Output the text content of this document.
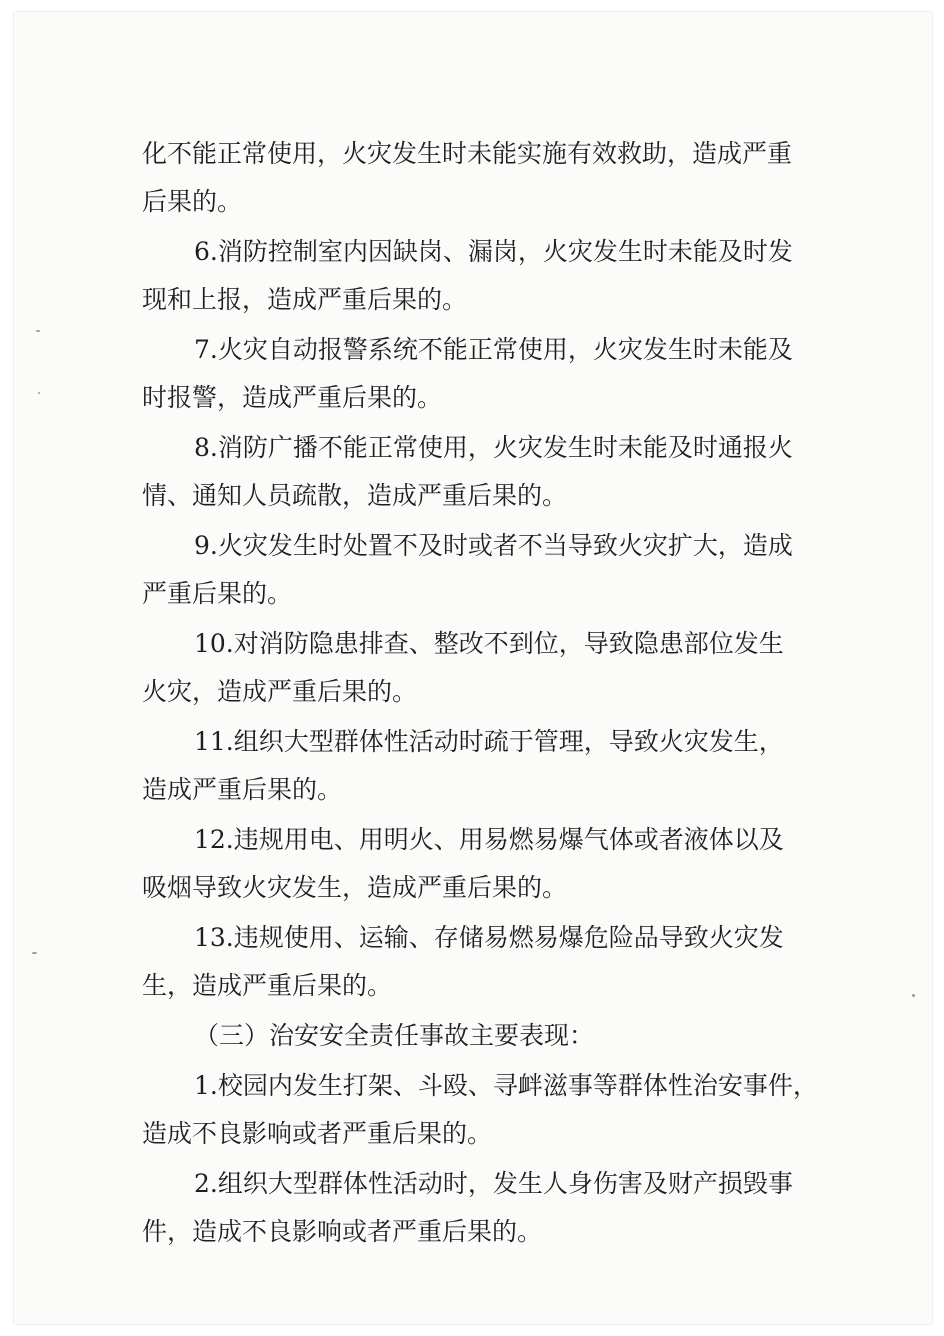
化不能正常使用，火灾发生时未能实施有效救助，造成严重
后果的。
6.消防控制室内因缺岗、漏岗，火灾发生时未能及时发
现和上报，造成严重后果的。
7.火灾自动报警系统不能正常使用，火灾发生时未能及
时报警，造成严重后果的。
8.消防广播不能正常使用，火灾发生时未能及时通报火
情、通知人员疏散，造成严重后果的。
9.火灾发生时处置不及时或者不当导致火灾扩大，造成
严重后果的。
10.对消防隐患排查、整改不到位，导致隐患部位发生
火灾，造成严重后果的。
11.组织大型群体性活动时疏于管理，导致火灾发生，
造成严重后果的。
12.违规用电、用明火、用易燃易爆气体或者液体以及
吸烟导致火灾发生，造成严重后果的。
13.违规使用、运输、存储易燃易爆危险品导致火灾发
生，造成严重后果的。
（三）治安安全责任事故主要表现：
1.校园内发生打架、斗殴、寻衅滋事等群体性治安事件，
造成不良影响或者严重后果的。
2.组织大型群体性活动时，发生人身伤害及财产损毁事
件，造成不良影响或者严重后果的。
